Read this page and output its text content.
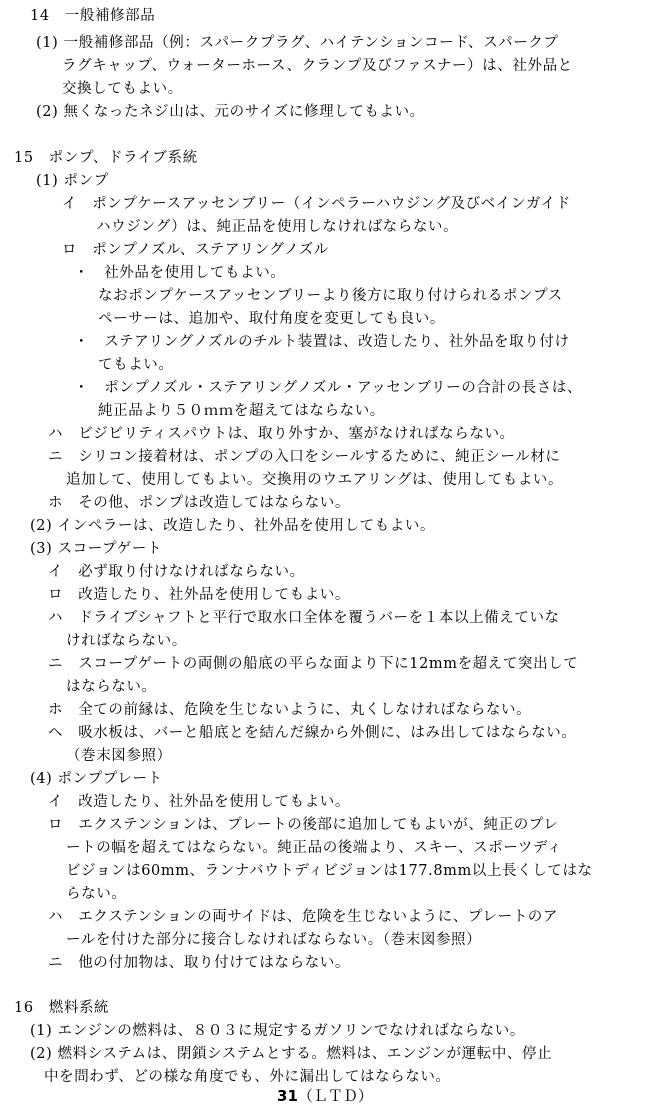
14　一般補修部品
(1) 一般補修部品（例：スパークプラグ、ハイテンションコード、スパークプ
ラグキャップ、ウォーターホース、クランプ及びファスナー）は、社外品と
交換してもよい。
(2) 無くなったネジ山は、元のサイズに修理してもよい。
15　ポンプ、ドライブ系統
(1) ポンプ
イ　ポンプケースアッセンブリー（インペラーハウジング及びベインガイド
ハウジング）は、純正品を使用しなければならない。
ロ　ポンプノズル、ステアリングノズル
・　社外品を使用してもよい。
なおポンプケースアッセンブリーより後方に取り付けられるポンプス
ペーサーは、追加や、取付角度を変更しても良い。
・　ステアリングノズルのチルト装置は、改造したり、社外品を取り付け
てもよい。
・　ポンプノズル・ステアリングノズル・アッセンブリーの合計の長さは、
純正品より５０ｍｍを超えてはならない。
ハ　ビジビリティスパウトは、取り外すか、塞がなければならない。
ニ　シリコン接着材は、ポンプの入口をシールするために、純正シール材に
追加して、使用してもよい。交換用のウエアリングは、使用してもよい。
ホ　その他、ポンプは改造してはならない。
(2) インペラーは、改造したり、社外品を使用してもよい。
(3) スコープゲート
イ　必ず取り付けなければならない。
ロ　改造したり、社外品を使用してもよい。
ハ　ドライブシャフトと平行で取水口全体を覆うバーを１本以上備えていな
ければならない。
ニ　スコープゲートの両側の船底の平らな面より下に12mmを超えて突出して
はならない。
ホ　全ての前縁は、危険を生じないように、丸くしなければならない。
ヘ　吸水板は、バーと船底とを結んだ線から外側に、はみ出してはならない。
（巻末図参照）
(4) ポンププレート
イ　改造したり、社外品を使用してもよい。
ロ　エクステンションは、プレートの後部に追加してもよいが、純正のプレ
ートの幅を超えてはならない。純正品の後端より、スキー、スポーツディ
ビジョンは60mm、ランナバウトディビジョンは177.8mm以上長くしてはな
らない。
ハ　エクステンションの両サイドは、危険を生じないように、プレートのア
ールを付けた部分に接合しなければならない。（巻末図参照）
ニ　他の付加物は、取り付けてはならない。
16　燃料系統
(1) エンジンの燃料は、８０３に規定するガソリンでなければならない。
(2) 燃料システムは、閉鎖システムとする。燃料は、エンジンが運転中、停止
中を問わず、どの様な角度でも、外に漏出してはならない。
31（ＬＴＤ）
